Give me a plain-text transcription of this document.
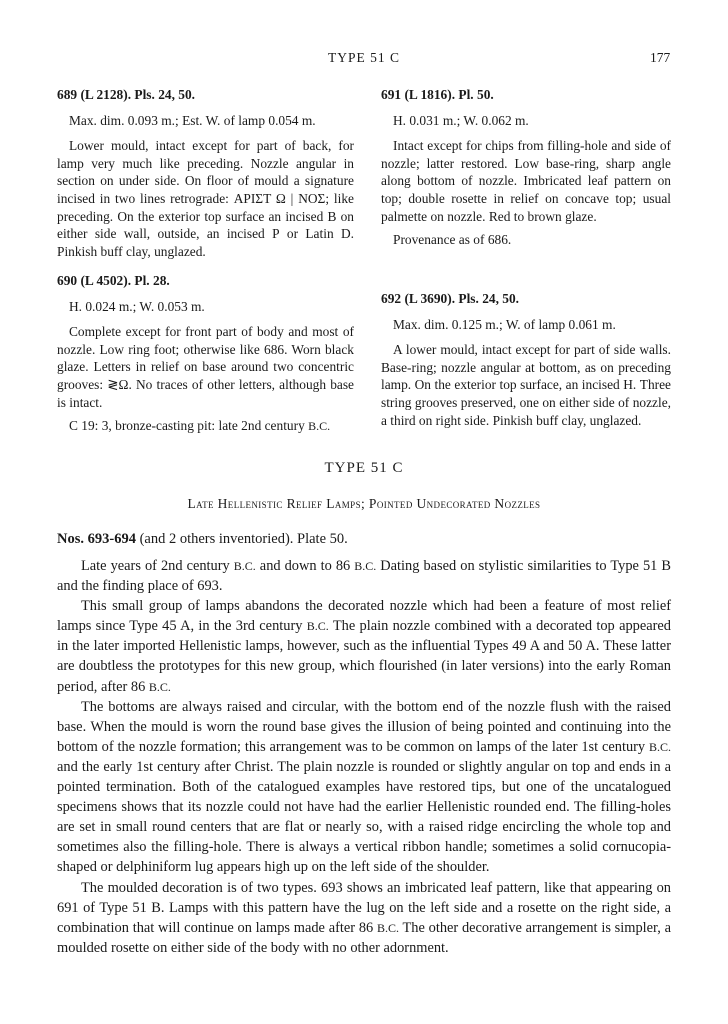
TYPE 51 C	177

689 (L 2128). Pls. 24, 50.

Max. dim. 0.093 m.; Est. W. of lamp 0.054 m.

Lower mould, intact except for part of back, for lamp very much like preceding. Nozzle angular in section on under side. On floor of mould a signature incised in two lines retrograde: ΑΡΙΣΤ Ω | ΝΟΣ; like preceding. On the exterior top surface an incised Β on either side wall, outside, an incised Ρ or Latin D. Pinkish buff clay, unglazed.

690 (L 4502). Pl. 28.

H. 0.024 m.; W. 0.053 m.

Complete except for front part of body and most of nozzle. Low ring foot; otherwise like 686. Worn black glaze. Letters in relief on base around two concentric grooves: ≷Ω. No traces of other letters, although base is intact.

C 19: 3, bronze-casting pit: late 2nd century B.C.

691 (L 1816). Pl. 50.

H. 0.031 m.; W. 0.062 m.

Intact except for chips from filling-hole and side of nozzle; latter restored. Low base-ring, sharp angle along bottom of nozzle. Imbricated leaf pattern on top; double rosette in relief on concave top; usual palmette on nozzle. Red to brown glaze.

Provenance as of 686.

692 (L 3690). Pls. 24, 50.

Max. dim. 0.125 m.; W. of lamp 0.061 m.

A lower mould, intact except for part of side walls. Base-ring; nozzle angular at bottom, as on preceding lamp. On the exterior top surface, an incised Η. Three string grooves preserved, one on either side of nozzle, a third on right side. Pinkish buff clay, unglazed.

TYPE 51 C
Late Hellenistic Relief Lamps; Pointed Undecorated Nozzles
Nos. 693-694 (and 2 others inventoried). Plate 50.

Late years of 2nd century B.C. and down to 86 B.C. Dating based on stylistic similarities to Type 51 B and the finding place of 693.

This small group of lamps abandons the decorated nozzle which had been a feature of most relief lamps since Type 45 A, in the 3rd century B.C. The plain nozzle combined with a decorated top appeared in the later imported Hellenistic lamps, however, such as the influential Types 49 A and 50 A. These latter are doubtless the prototypes for this new group, which flourished (in later versions) into the early Roman period, after 86 B.C.

The bottoms are always raised and circular, with the bottom end of the nozzle flush with the raised base. When the mould is worn the round base gives the illusion of being pointed and continuing into the bottom of the nozzle formation; this arrangement was to be common on lamps of the later 1st century B.C. and the early 1st century after Christ. The plain nozzle is rounded or slightly angular on top and ends in a pointed termination. Both of the catalogued examples have restored tips, but one of the uncatalogued specimens shows that its nozzle could not have had the earlier Hellenistic rounded end. The filling-holes are set in small round centers that are flat or nearly so, with a raised ridge encircling the whole top and sometimes also the filling-hole. There is always a vertical ribbon handle; sometimes a solid cornucopia-shaped or delphiniform lug appears high up on the left side of the shoulder.

The moulded decoration is of two types. 693 shows an imbricated leaf pattern, like that appearing on 691 of Type 51 B. Lamps with this pattern have the lug on the left side and a rosette on the right side, a combination that will continue on lamps made after 86 B.C. The other decorative arrangement is simpler, a moulded rosette on either side of the body with no other adornment.
